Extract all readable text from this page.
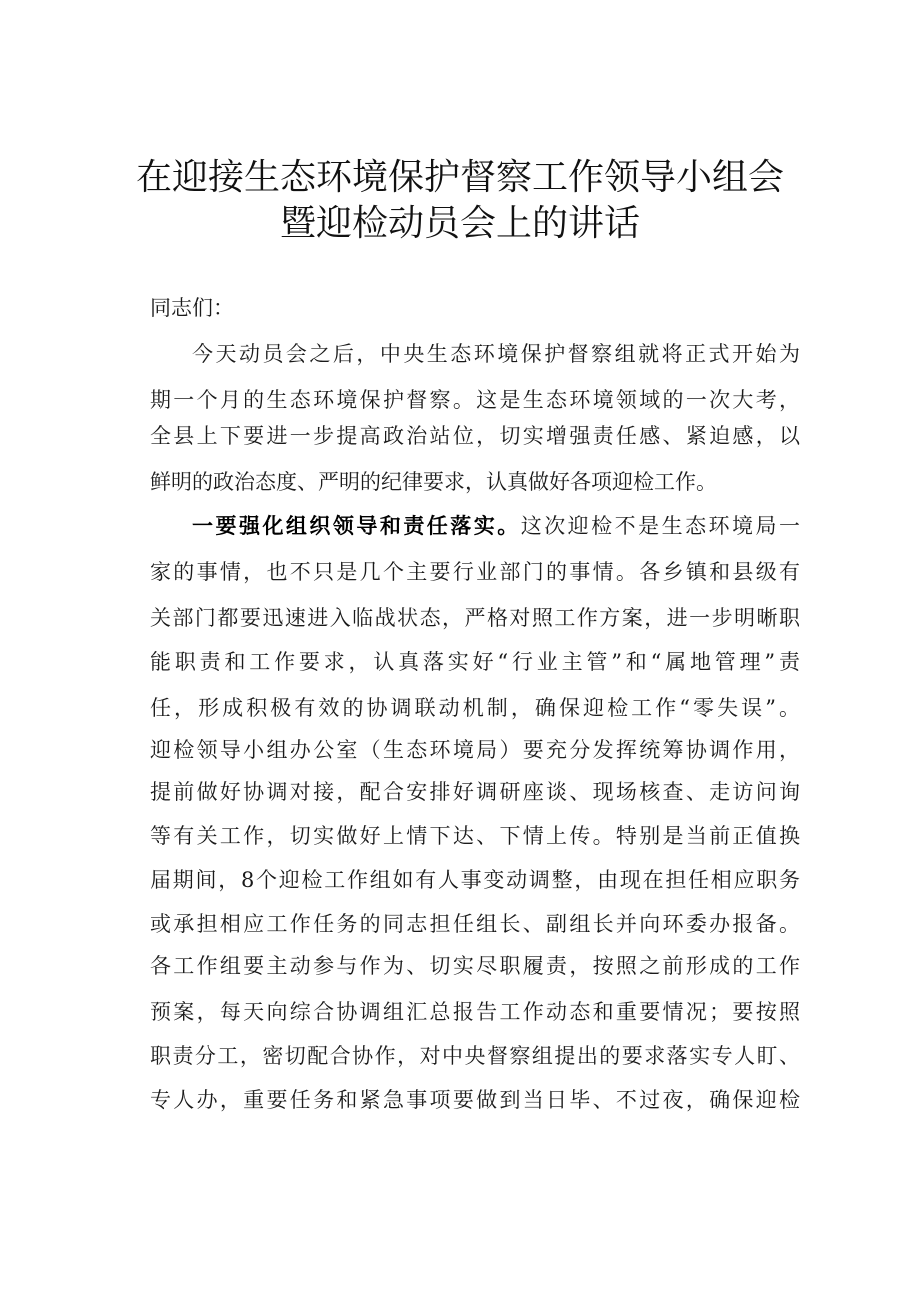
在迎接生态环境保护督察工作领导小组会
暨迎检动员会上的讲话
同志们：
今天动员会之后，中央生态环境保护督察组就将正式开始为
期一个月的生态环境保护督察。这是生态环境领域的一次大考，
全县上下要进一步提高政治站位，切实增强责任感、紧迫感，以
鲜明的政治态度、严明的纪律要求，认真做好各项迎检工作。
一要强化组织领导和责任落实。这次迎检不是生态环境局一
家的事情，也不只是几个主要行业部门的事情。各乡镇和县级有
关部门都要迅速进入临战状态，严格对照工作方案，进一步明晰职
能职责和工作要求，认真落实好“行业主管”和“属地管理”责
任，形成积极有效的协调联动机制，确保迎检工作“零失误”。
迎检领导小组办公室（生态环境局）要充分发挥统筹协调作用，
提前做好协调对接，配合安排好调研座谈、现场核查、走访问询
等有关工作，切实做好上情下达、下情上传。特别是当前正值换
届期间，8个迎检工作组如有人事变动调整，由现在担任相应职务
或承担相应工作任务的同志担任组长、副组长并向环委办报备。
各工作组要主动参与作为、切实尽职履责，按照之前形成的工作
预案，每天向综合协调组汇总报告工作动态和重要情况；要按照
职责分工，密切配合协作，对中央督察组提出的要求落实专人盯、
专人办，重要任务和紧急事项要做到当日毕、不过夜，确保迎检
